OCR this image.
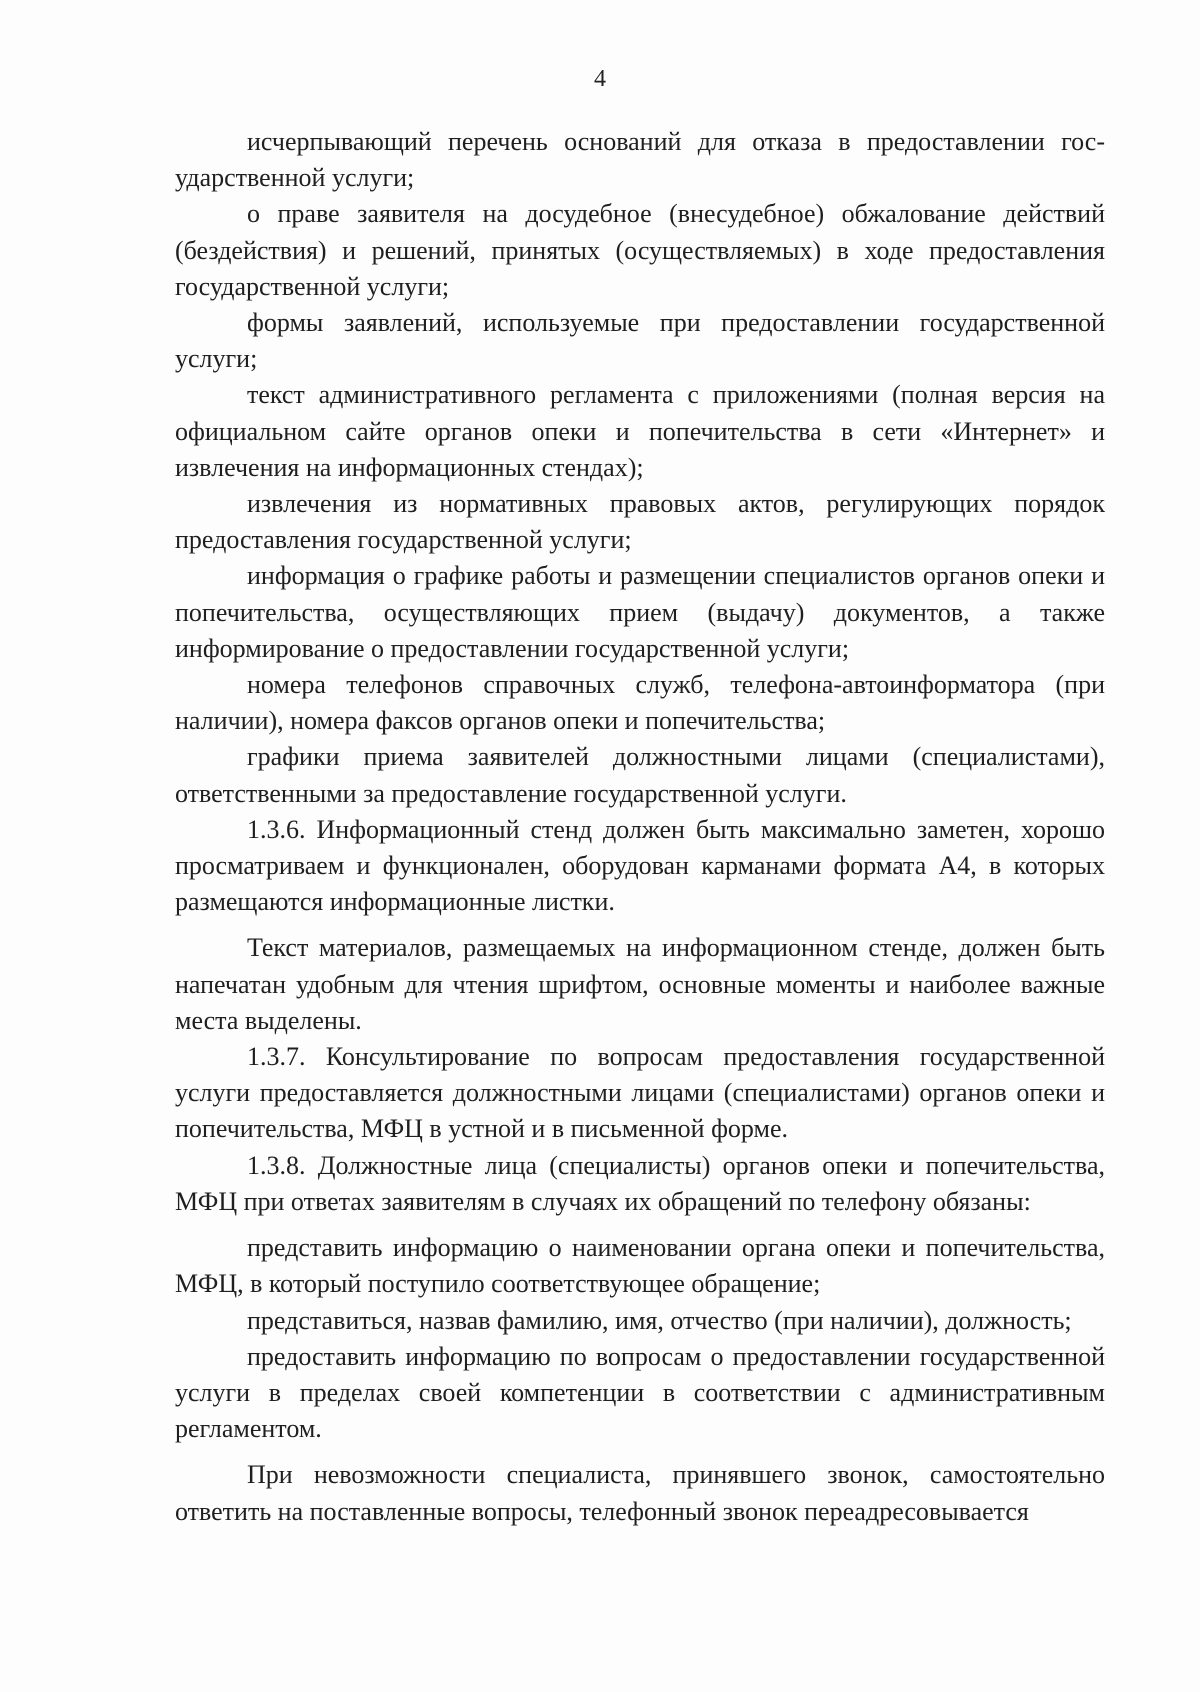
4

исчерпывающий перечень оснований для отказа в предоставлении государственной услуги;

о праве заявителя на досудебное (внесудебное) обжалование действий (бездействия) и решений, принятых (осуществляемых) в ходе предоставления государственной услуги;

формы заявлений, используемые при предоставлении государственной услуги;

текст административного регламента с приложениями (полная версия на официальном сайте органов опеки и попечительства в сети «Интернет» и извлечения на информационных стендах);

извлечения из нормативных правовых актов, регулирующих порядок предоставления государственной услуги;

информация о графике работы и размещении специалистов органов опеки и попечительства, осуществляющих прием (выдачу) документов, а также информирование о предоставлении государственной услуги;

номера телефонов справочных служб, телефона-автоинформатора (при наличии), номера факсов органов опеки и попечительства;

графики приема заявителей должностными лицами (специалистами), ответственными за предоставление государственной услуги.

1.3.6. Информационный стенд должен быть максимально заметен, хорошо просматриваем и функционален, оборудован карманами формата А4, в которых размещаются информационные листки.

Текст материалов, размещаемых на информационном стенде, должен быть напечатан удобным для чтения шрифтом, основные моменты и наиболее важные места выделены.

1.3.7. Консультирование по вопросам предоставления государственной услуги предоставляется должностными лицами (специалистами) органов опеки и попечительства, МФЦ в устной и в письменной форме.

1.3.8. Должностные лица (специалисты) органов опеки и попечительства, МФЦ при ответах заявителям в случаях их обращений по телефону обязаны:

представить информацию о наименовании органа опеки и попечительства, МФЦ, в который поступило соответствующее обращение;

представиться, назвав фамилию, имя, отчество (при наличии), должность;

предоставить информацию по вопросам о предоставлении государственной услуги в пределах своей компетенции в соответствии с административным регламентом.

При невозможности специалиста, принявшего звонок, самостоятельно ответить на поставленные вопросы, телефонный звонок переадресовывается
